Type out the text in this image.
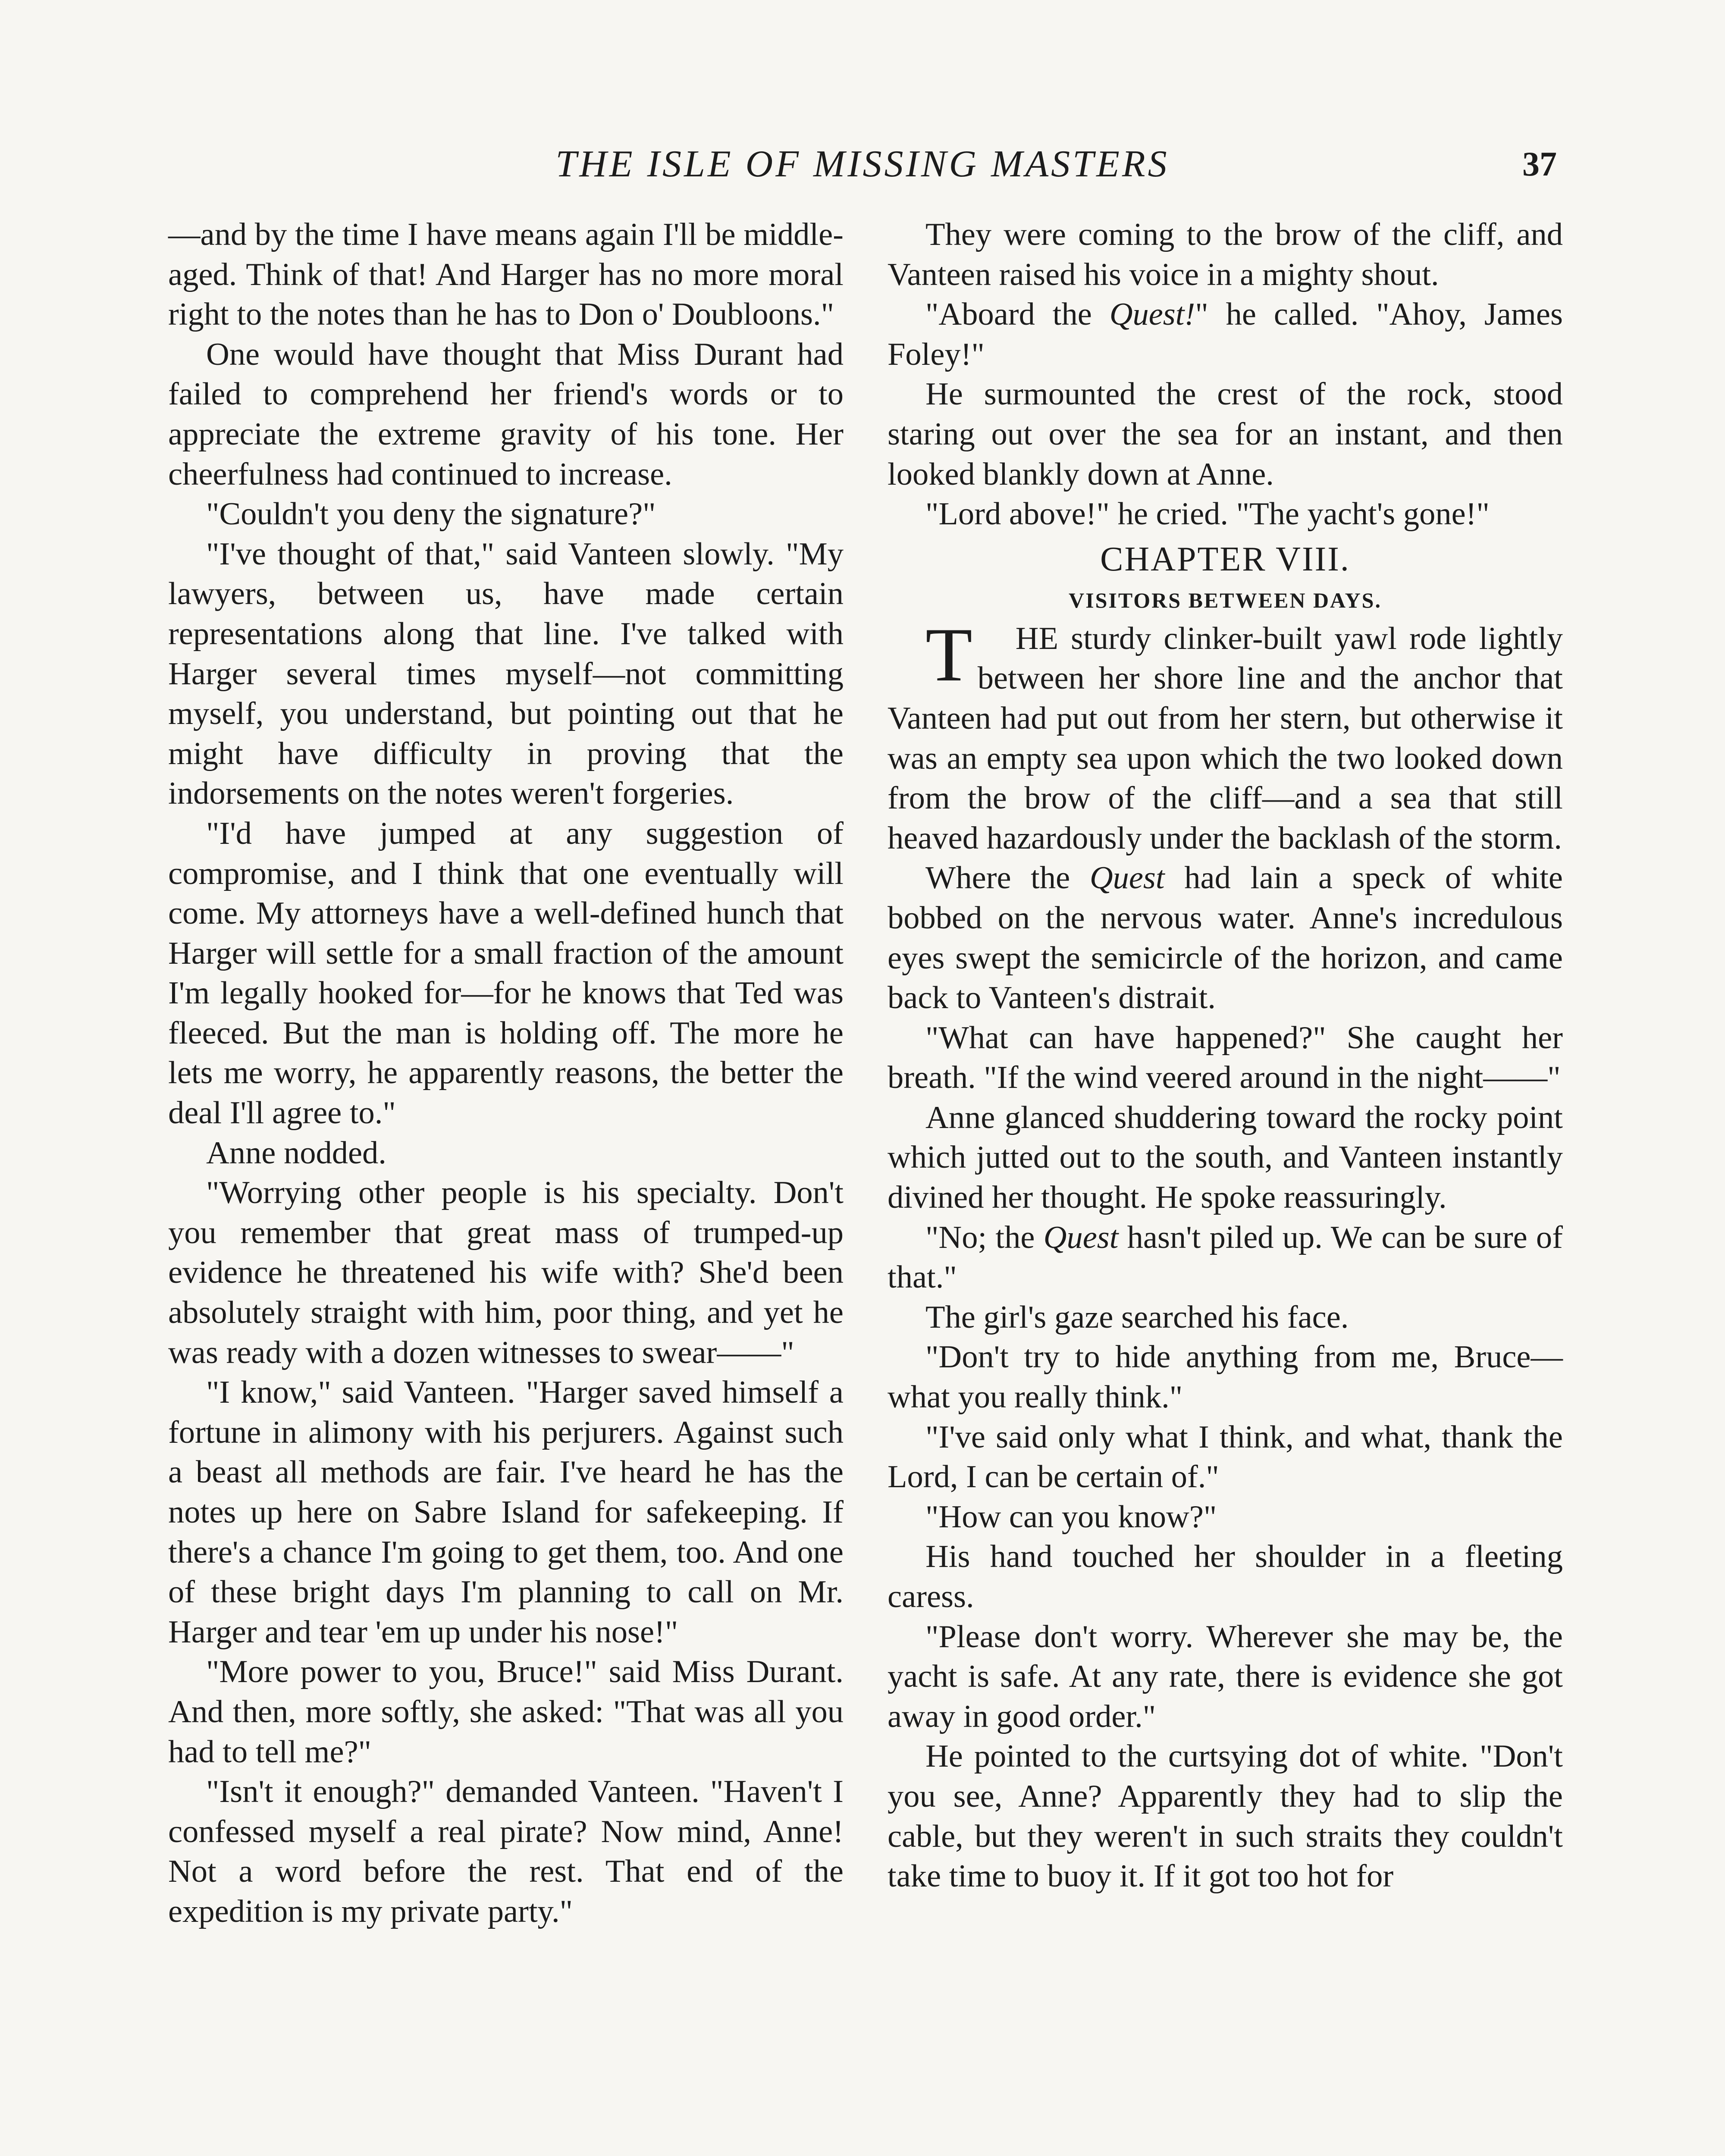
THE ISLE OF MISSING MASTERS	37

—and by the time I have means again I'll be middle-aged. Think of that! And Harger has no more moral right to the notes than he has to Don o' Doubloons."

One would have thought that Miss Durant had failed to comprehend her friend's words or to appreciate the extreme gravity of his tone. Her cheerfulness had continued to increase.

"Couldn't you deny the signature?"

"I've thought of that," said Vanteen slowly. "My lawyers, between us, have made certain representations along that line. I've talked with Harger several times myself—not committing myself, you understand, but pointing out that he might have difficulty in proving that the indorsements on the notes weren't forgeries.

"I'd have jumped at any suggestion of compromise, and I think that one eventually will come. My attorneys have a well-defined hunch that Harger will settle for a small fraction of the amount I'm legally hooked for—for he knows that Ted was fleeced. But the man is holding off. The more he lets me worry, he apparently reasons, the better the deal I'll agree to."

Anne nodded.

"Worrying other people is his specialty. Don't you remember that great mass of trumped-up evidence he threatened his wife with? She'd been absolutely straight with him, poor thing, and yet he was ready with a dozen witnesses to swear——"

"I know," said Vanteen. "Harger saved himself a fortune in alimony with his perjurers. Against such a beast all methods are fair. I've heard he has the notes up here on Sabre Island for safekeeping. If there's a chance I'm going to get them, too. And one of these bright days I'm planning to call on Mr. Harger and tear 'em up under his nose!"

"More power to you, Bruce!" said Miss Durant. And then, more softly, she asked: "That was all you had to tell me?"

"Isn't it enough?" demanded Vanteen. "Haven't I confessed myself a real pirate? Now mind, Anne! Not a word before the rest. That end of the expedition is my private party."

They were coming to the brow of the cliff, and Vanteen raised his voice in a mighty shout.

"Aboard the Quest!" he called. "Ahoy, James Foley!"

He surmounted the crest of the rock, stood staring out over the sea for an instant, and then looked blankly down at Anne.

"Lord above!" he cried. "The yacht's gone!"

CHAPTER VIII.
VISITORS BETWEEN DAYS.

T HE sturdy clinker-built yawl rode lightly between her shore line and the anchor that Vanteen had put out from her stern, but otherwise it was an empty sea upon which the two looked down from the brow of the cliff—and a sea that still heaved hazardously under the backlash of the storm.

Where the Quest had lain a speck of white bobbed on the nervous water. Anne's incredulous eyes swept the semicircle of the horizon, and came back to Vanteen's distrait.

"What can have happened?" She caught her breath. "If the wind veered around in the night——"

Anne glanced shuddering toward the rocky point which jutted out to the south, and Vanteen instantly divined her thought. He spoke reassuringly.

"No; the Quest hasn't piled up. We can be sure of that."

The girl's gaze searched his face.

"Don't try to hide anything from me, Bruce—what you really think."

"I've said only what I think, and what, thank the Lord, I can be certain of."

"How can you know?"

His hand touched her shoulder in a fleeting caress.

"Please don't worry. Wherever she may be, the yacht is safe. At any rate, there is evidence she got away in good order."

He pointed to the curtsying dot of white. "Don't you see, Anne? Apparently they had to slip the cable, but they weren't in such straits they couldn't take time to buoy it. If it got too hot for
